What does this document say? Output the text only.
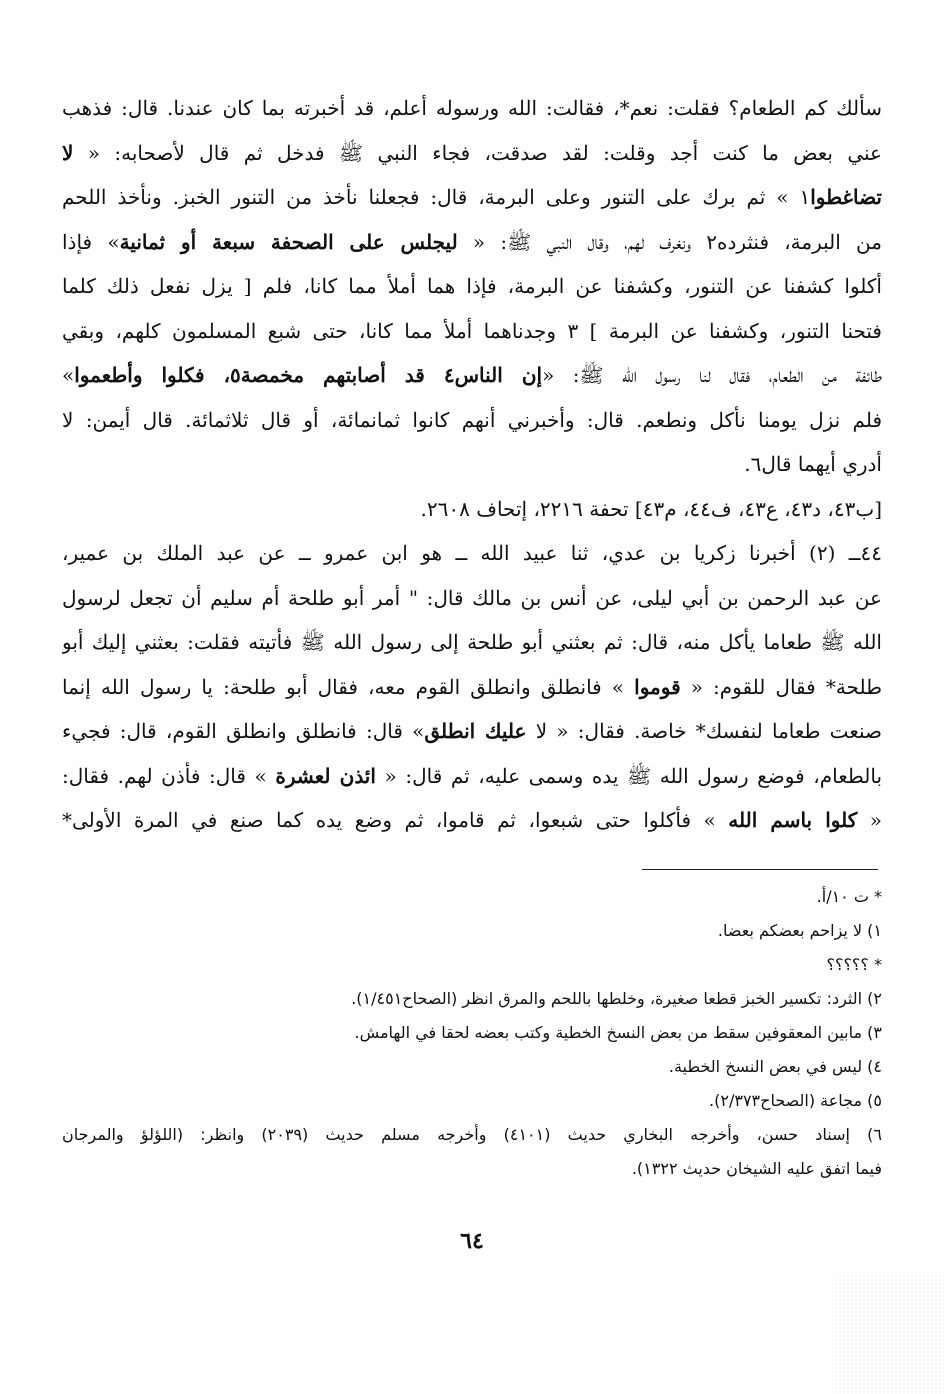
سألك كم الطعام؟ فقلت: نعم*، فقالت: الله ورسوله أعلم، قد أخبرته بما كان عندنا. قال: فذهب
عني بعض ما كنت أجد وقلت: لقد صدقت، فجاء النبي ﷺ فدخل ثم قال لأصحابه: « لا
تضاغطوا١ » ثم برك على التنور وعلى البرمة، قال: فجعلنا نأخذ من التنور الخبز. ونأخذ اللحم
من البرمة، فنثرده٢ ونغرف لهم، وقال النبي ﷺ: « ليجلس على الصحفة سبعة أو ثمانية» فإذا
أكلوا كشفنا عن التنور، وكشفنا عن البرمة، فإذا هما أملأ مما كانا، فلم [ يزل نفعل ذلك كلما
فتحنا التنور، وكشفنا عن البرمة ] ٣ وجدناهما أملأ مما كانا، حتى شبع المسلمون كلهم، وبقي
طائفة من الطعام، فقال لنا رسول الله ﷺ: «إن الناس٤ قد أصابتهم مخمصة٥، فكلوا وأطعموا»
فلم نزل يومنا نأكل ونطعم. قال: وأخبرني أنهم كانوا ثمانمائة، أو قال ثلاثمائة. قال أيمن: لا
أدري أيهما قال٦.
[ب٤٣، د٤٣، ع٤٣، ف٤٤، م٤٣] تحفة ٢٢١٦، إتحاف ٢٦٠٨.
٤٤ــ (٢) أخبرنا زكريا بن عدي، ثنا عبيد الله ــ هو ابن عمرو ــ عن عبد الملك بن عمير،
عن عبد الرحمن بن أبي ليلى، عن أنس بن مالك قال: " أمر أبو طلحة أم سليم أن تجعل لرسول
الله ﷺ طعاما يأكل منه، قال: ثم بعثني أبو طلحة إلى رسول الله ﷺ فأتيته فقلت: بعثني إليك أبو
طلحة* فقال للقوم: « قوموا » فانطلق وانطلق القوم معه، فقال أبو طلحة: يا رسول الله إنما
صنعت طعاما لنفسك* خاصة. فقال: « لا عليك انطلق» قال: فانطلق وانطلق القوم، قال: فجيء
بالطعام، فوضع رسول الله ﷺ يده وسمى عليه، ثم قال: « ائذن لعشرة » قال: فأذن لهم. فقال:
« كلوا باسم الله » فأكلوا حتى شبعوا، ثم قاموا، ثم وضع يده كما صنع في المرة الأولى*
* ت ١٠/أ.
١) لا يزاحم بعضكم بعضا.
* ؟؟؟؟؟
٢) الثرد: تكسير الخبز قطعا صغيرة، وخلطها باللحم والمرق انظر (الصحاح١/٤٥١).
٣) مابين المعقوفين سقط من بعض النسخ الخطية وكتب بعضه لحقا في الهامش.
٤) ليس في بعض النسخ الخطية.
٥) مجاعة (الصحاح٢/٣٧٣).
٦) إسناد حسن، وأخرجه البخاري حديث (٤١٠١) وأخرجه مسلم حديث (٢٠٣٩) وانظر: (اللؤلؤ والمرجان
فيما اتفق عليه الشيخان حديث ١٣٢٢).
٦٤
